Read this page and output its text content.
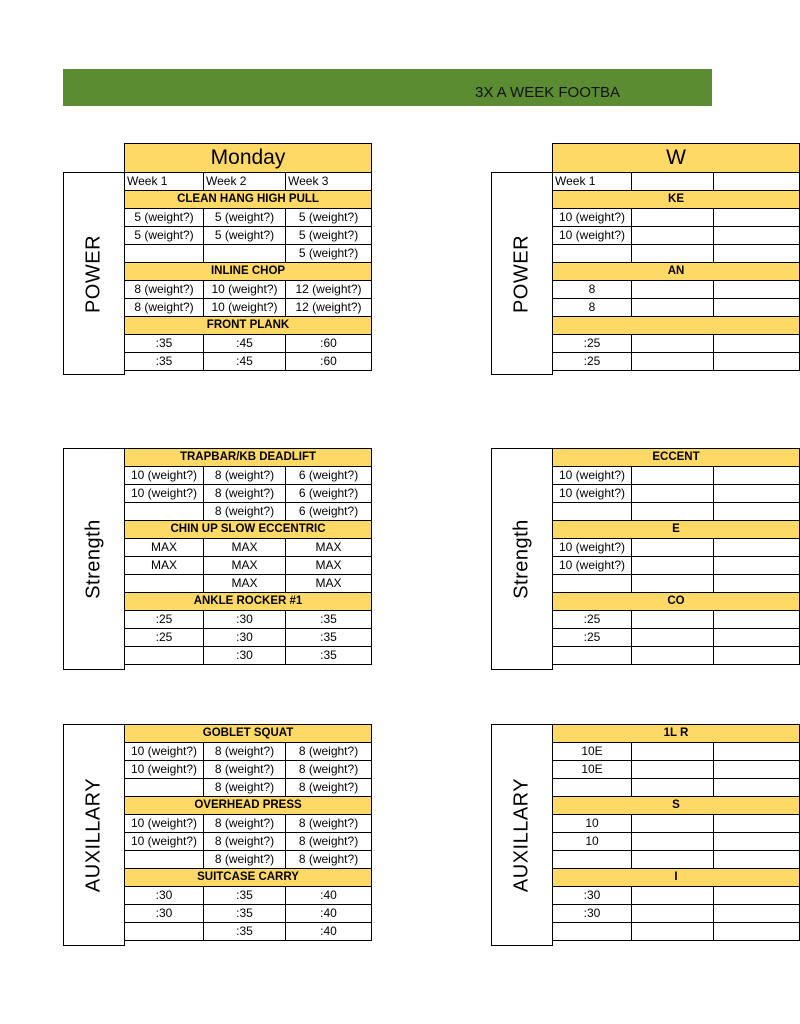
3X A WEEK FOOTBA
POWER
Monday		
Week 1	Week 2	Week 3
CLEAN HANG HIGH PULL		
5 (weight?)	5 (weight?)	5 (weight?)
5 (weight?)	5 (weight?)	5 (weight?)
		5 (weight?)
INLINE CHOP		
8 (weight?)	10 (weight?)	12 (weight?)
8 (weight?)	10 (weight?)	12 (weight?)
FRONT PLANK		
:35	:45	:60
:35	:45	:60
Strength
TRAPBAR/KB DEADLIFT		
10 (weight?)	8 (weight?)	6 (weight?)
10 (weight?)	8 (weight?)	6 (weight?)
	8 (weight?)	6 (weight?)
CHIN UP SLOW ECCENTRIC		
MAX	MAX	MAX
MAX	MAX	MAX
	MAX	MAX
ANKLE ROCKER #1		
:25	:30	:35
:25	:30	:35
	:30	:35
AUXILLARY
GOBLET SQUAT		
10 (weight?)	8 (weight?)	8 (weight?)
10 (weight?)	8 (weight?)	8 (weight?)
	8 (weight?)	8 (weight?)
OVERHEAD PRESS		
10 (weight?)	8 (weight?)	8 (weight?)
10 (weight?)	8 (weight?)	8 (weight?)
	8 (weight?)	8 (weight?)
SUITCASE CARRY		
:30	:35	:40
:30	:35	:40
	:35	:40
POWER
W		
Week 1		
KE		
10 (weight?)		
10 (weight?)		

AN		
8		
8		

:25		
:25		
Strength
ECCENT		
10 (weight?)		
10 (weight?)		

E		
10 (weight?)		
10 (weight?)		

CO		
:25		
:25		

AUXILLARY
1L R		
10E		
10E		

S		
10		
10		

I		
:30		
:30		
